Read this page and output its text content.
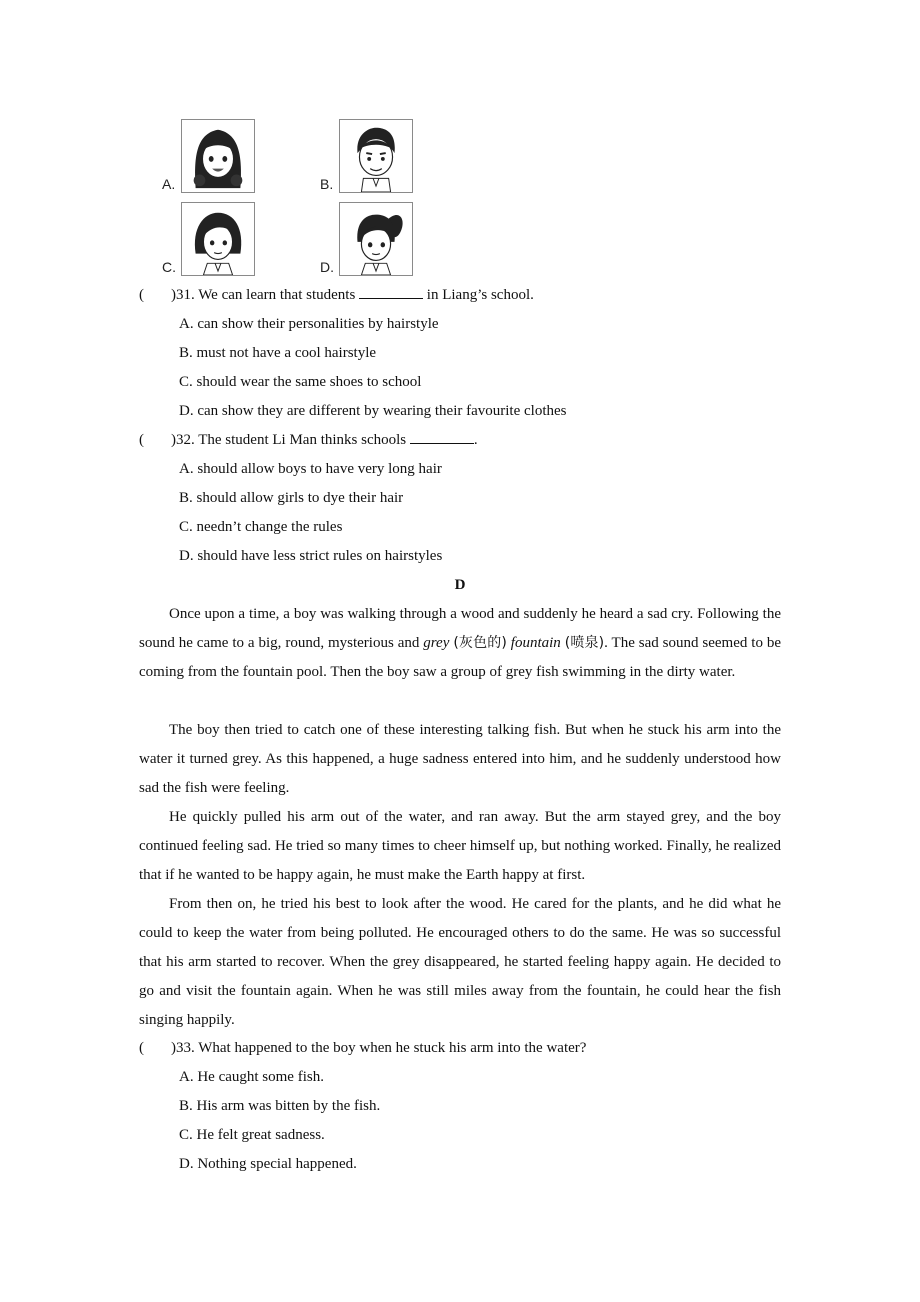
A.	B.
C.	D.
( )31. We can learn that students	in Liang’s school.
A. can show their personalities by hairstyle
B. must not have a cool hairstyle
C. should wear the same shoes to school
D. can show they are different by wearing their favourite clothes
( )32. The student Li Man thinks schools	.
A. should allow boys to have very long hair
B. should allow girls to dye their hair
C. needn’t change the rules
D. should have less strict rules on hairstyles
D
Once upon a time, a boy was walking through a wood and suddenly he heard a sad cry. Following the sound he came to a big, round, mysterious and grey (灰色的) fountain (喷泉). The sad sound seemed to be coming from the fountain pool. Then the boy saw a group of grey fish swimming in the dirty water.
The boy then tried to catch one of these interesting talking fish. But when he stuck his arm into the water it turned grey. As this happened, a huge sadness entered into him, and he suddenly understood how sad the fish were feeling.
He quickly pulled his arm out of the water, and ran away. But the arm stayed grey, and the boy continued feeling sad. He tried so many times to cheer himself up, but nothing worked. Finally, he realized that if he wanted to be happy again, he must make the Earth happy at first.
From then on, he tried his best to look after the wood. He cared for the plants, and he did what he could to keep the water from being polluted. He encouraged others to do the same. He was so successful that his arm started to recover. When the grey disappeared, he started feeling happy again. He decided to go and visit the fountain again. When he was still miles away from the fountain, he could hear the fish singing happily.
( )33. What happened to the boy when he stuck his arm into the water?
A. He caught some fish.
B. His arm was bitten by the fish.
C. He felt great sadness.
D. Nothing special happened.
